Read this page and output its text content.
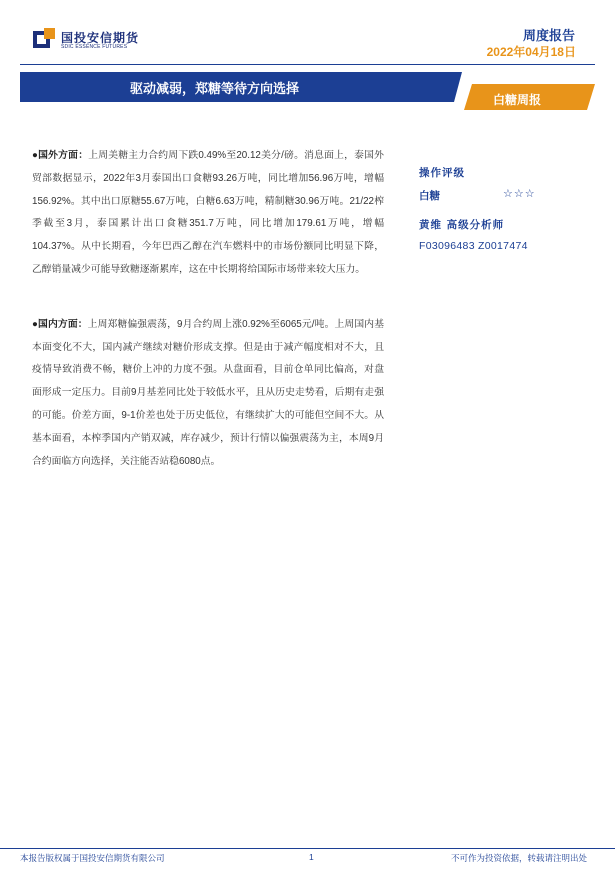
国投安信期货
SDIC ESSENCE FUTURES
周度报告
2022年04月18日
驱动减弱，郑糖等待方向选择
白糖周报

●国外方面：上周美糖主力合约周下跌0.49%至20.12美分/磅。消息面上，泰国外贸部数据显示，2022年3月泰国出口食糖93.26万吨，同比增加56.96万吨，增幅156.92%。其中出口原糖55.67万吨，白糖6.63万吨，精制糖30.96万吨。21/22榨季截至3月，泰国累计出口食糖351.7万吨，同比增加179.61万吨，增幅104.37%。从中长期看，今年巴西乙醇在汽车燃料中的市场份额同比明显下降，乙醇销量减少可能导致糖逐渐累库，这在中长期将给国际市场带来较大压力。

●国内方面：上周郑糖偏强震荡，9月合约周上涨0.92%至6065元/吨。上周国内基本面变化不大，国内减产继续对糖价形成支撑。但是由于减产幅度相对不大，且疫情导致消费不畅，糖价上冲的力度不强。从盘面看，目前仓单同比偏高，对盘面形成一定压力。目前9月基差同比处于较低水平，且从历史走势看，后期有走强的可能。价差方面，9-1价差也处于历史低位，有继续扩大的可能但空间不大。从基本面看，本榨季国内产销双减，库存减少，预计行情以偏强震荡为主，本周9月合约面临方向选择，关注能否站稳6080点。

操作评级
白糖	☆☆☆
黄维 高级分析师
F03096483 Z0017474
本报告版权属于国投安信期货有限公司	1	不可作为投资依据，转载请注明出处
